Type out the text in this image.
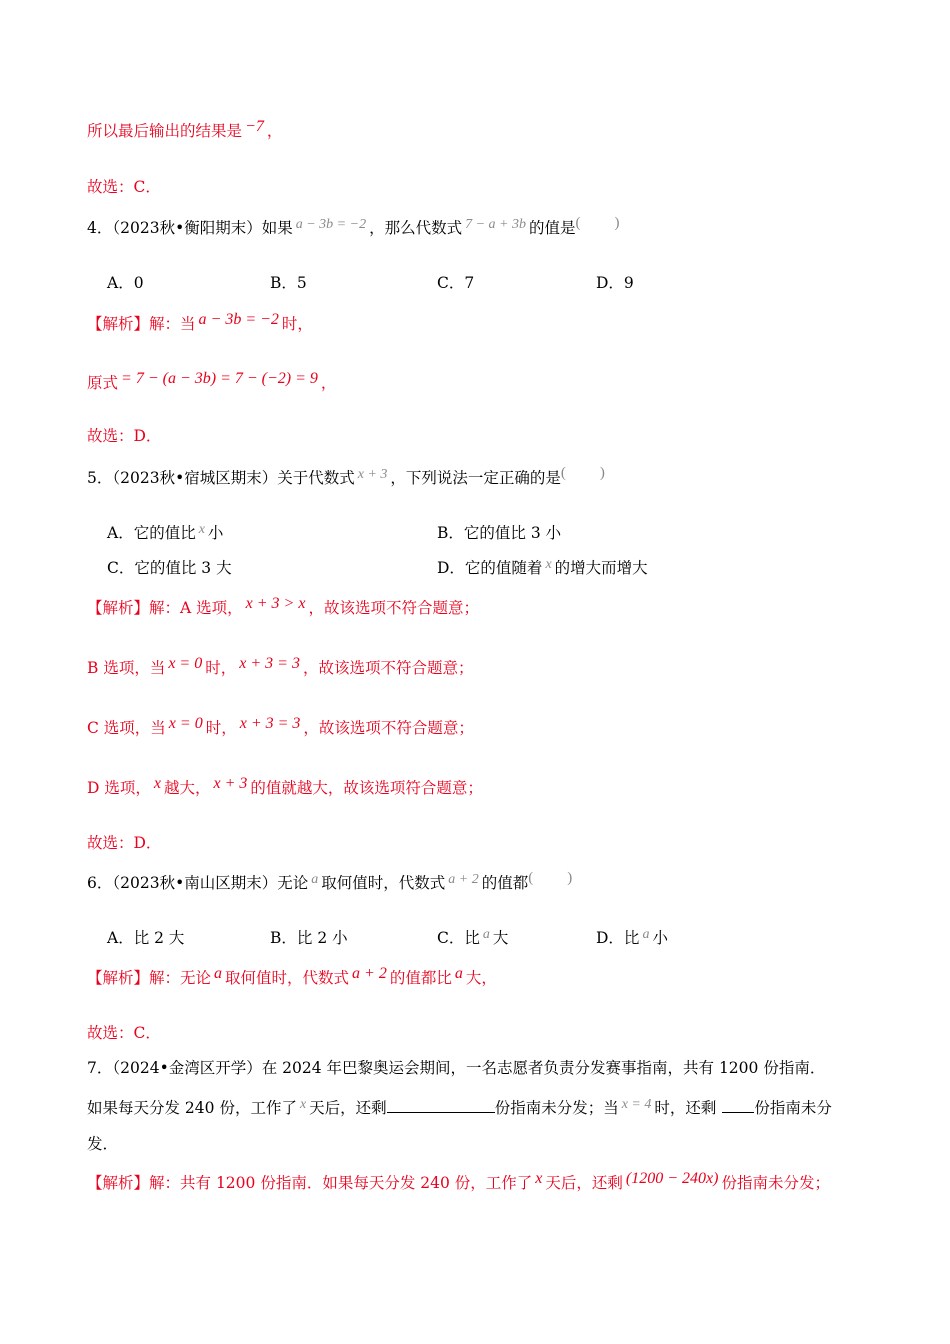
所以最后输出的结果是 −7 ，
故选：C．
4．（2023秋•衡阳期末）如果 a − 3b = −2 ，那么代数式 7 − a + 3b 的值是( )
A．0	B．5	C．7	D．9
【解析】解：当 a − 3b = −2 时，
原式 = 7 − (a − 3b) = 7 − (−2) = 9 ，
故选：D．
5．（2023秋•宿城区期末）关于代数式 x + 3 ，下列说法一定正确的是( )
A．它的值比 x 小	B．它的值比 3 小
C．它的值比 3 大	D．它的值随着 x 的增大而增大
【解析】解：A 选项， x + 3 > x ，故该选项不符合题意；
B 选项，当 x = 0 时， x + 3 = 3 ，故该选项不符合题意；
C 选项，当 x = 0 时， x + 3 = 3 ，故该选项不符合题意；
D 选项， x 越大， x + 3 的值就越大，故该选项符合题意；
故选：D．
6．（2023秋•南山区期末）无论 a 取何值时，代数式 a + 2 的值都( )
A．比 2 大	B．比 2 小	C．比 a 大	D．比 a 小
【解析】解：无论 a 取何值时，代数式 a + 2 的值都比 a 大，
故选：C．
7．（2024•金湾区开学）在 2024 年巴黎奥运会期间，一名志愿者负责分发赛事指南，共有 1200 份指南．
如果每天分发 240 份，工作了 x 天后，还剩	份指南未分发；当 x = 4 时，还剩 份指南未分
发．
【解析】解：共有 1200 份指南．如果每天分发 240 份，工作了 x 天后，还剩 (1200 − 240x) 份指南未分发；
